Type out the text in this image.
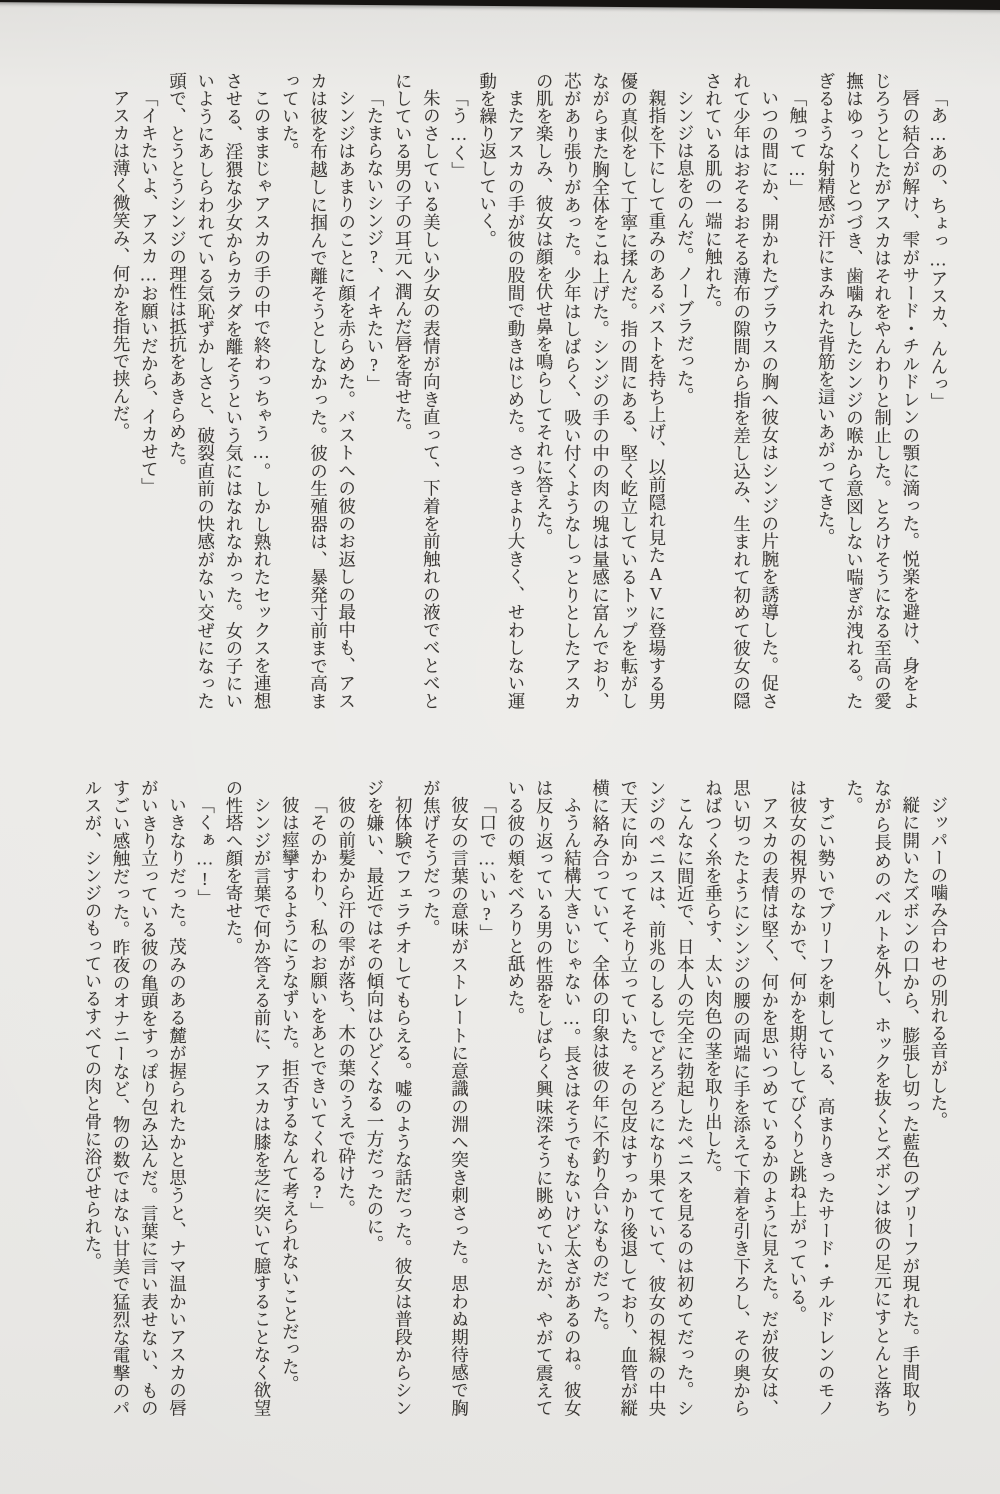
「あ…あの、ちょっ…アスカ、んんっ」

唇の結合が解け、雫がサード・チルドレンの顎に滴った。悦楽を避け、身をよじろうとしたがアスカはそれをやんわりと制止した。とろけそうになる至高の愛撫はゆっくりとつづき、歯噛みしたシンジの喉から意図しない喘ぎが洩れる。たぎるような射精感が汗にまみれた背筋を這いあがってきた。

「触って…」

いつの間にか、開かれたブラウスの胸へ彼女はシンジの片腕を誘導した。促されて少年はおそるおそる薄布の隙間から指を差し込み、生まれて初めて彼女の隠されている肌の一端に触れた。

シンジは息をのんだ。ノーブラだった。

親指を下にして重みのあるバストを持ち上げ、以前隠れ見たAVに登場する男優の真似をして丁寧に揉んだ。指の間にある、堅く屹立しているトップを転がしながらまた胸全体をこね上げた。シンジの手の中の肉の塊は量感に富んでおり、芯があり張りがあった。少年はしばらく、吸い付くようなしっとりとしたアスカの肌を楽しみ、彼女は顔を伏せ鼻を鳴らしてそれに答えた。

またアスカの手が彼の股間で動きはじめた。さっきより大きく、せわしない運動を繰り返していく。

「う…く」

朱のさしている美しい少女の表情が向き直って、下着を前触れの液でべとべとにしている男の子の耳元へ潤んだ唇を寄せた。

「たまらないシンジ?、イキたい?」

シンジはあまりのことに顔を赤らめた。バストへの彼のお返しの最中も、アスカは彼を布越しに掴んで離そうとしなかった。彼の生殖器は、暴発寸前まで高まっていた。

このままじゃアスカの手の中で終わっちゃう…。しかし熟れたセックスを連想させる、淫猥な少女からカラダを離そうという気にはなれなかった。女の子にいいようにあしらわれている気恥ずかしさと、破裂直前の快感がない交ぜになった頭で、とうとうシンジの理性は抵抗をあきらめた。

「イキたいよ、アスカ…お願いだから、イカせて」

アスカは薄く微笑み、何かを指先で挟んだ。

ジッパーの噛み合わせの別れる音がした。

縦に開いたズボンの口から、膨張し切った藍色のブリーフが現れた。手間取りながら長めのベルトを外し、ホックを抜くとズボンは彼の足元にすとんと落ちた。

すごい勢いでブリーフを刺している、高まりきったサード・チルドレンのモノは彼女の視界のなかで、何かを期待してびくりと跳ね上がっている。

アスカの表情は堅く、何かを思いつめているかのように見えた。だが彼女は、思い切ったようにシンジの腰の両端に手を添えて下着を引き下ろし、その奥からねばつく糸を垂らす、太い肉色の茎を取り出した。

こんなに間近で、日本人の完全に勃起したペニスを見るのは初めてだった。シンジのペニスは、前兆のしるしでどろどろになり果てていて、彼女の視線の中央で天に向かってそそり立っていた。その包皮はすっかり後退しており、血管が縦横に絡み合っていて、全体の印象は彼の年に不釣り合いなものだった。

ふうん結構大きいじゃない…。長さはそうでもないけど太さがあるのね。彼女は反り返っている男の性器をしばらく興味深そうに眺めていたが、やがて震えている彼の頬をべろりと舐めた。

「口で…いい?」

彼女の言葉の意味がストレートに意識の淵へ突き刺さった。思わぬ期待感で胸が焦げそうだった。

初体験でフェラチオしてもらえる。嘘のような話だった。彼女は普段からシンジを嫌い、最近ではその傾向はひどくなる一方だったのに。

彼の前髪から汗の雫が落ち、木の葉のうえで砕けた。

「そのかわり、私のお願いをあとできいてくれる?」

彼は痙攣するようにうなずいた。拒否するなんて考えられないことだった。

シンジが言葉で何か答える前に、アスカは膝を芝に突いて臆することなく欲望の性塔へ顔を寄せた。

「くぁ…!」

いきなりだった。茂みのある麓が握られたかと思うと、ナマ温かいアスカの唇がいきり立っている彼の亀頭をすっぽり包み込んだ。言葉に言い表せない、ものすごい感触だった。昨夜のオナニーなど、物の数ではない甘美で猛烈な電撃のパルスが、シンジのもっているすべての肉と骨に浴びせられた。
